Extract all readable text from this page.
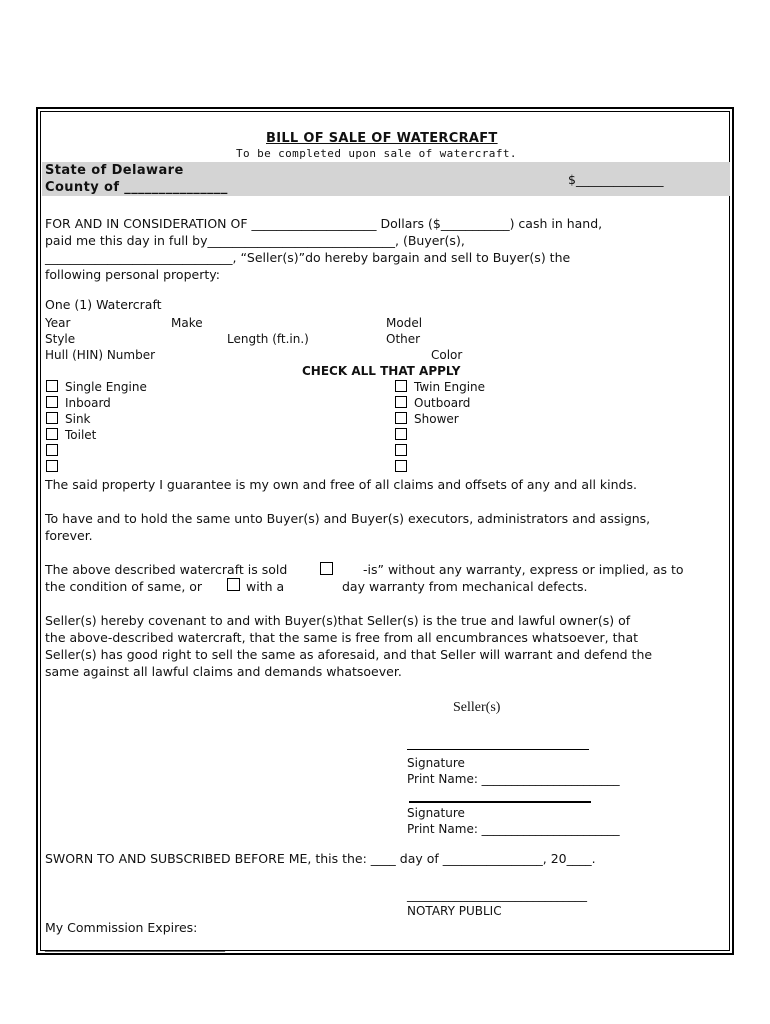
BILL OF SALE OF WATERCRAFT
To be completed upon sale of watercraft.
State of Delaware
County of _______________
$______________
FOR AND IN CONSIDERATION OF ____________________ Dollars ($___________) cash in hand,
paid me this day in full by______________________________, (Buyer(s),
______________________________, “Seller(s)”do hereby bargain and sell to Buyer(s) the
following personal property:
One (1) Watercraft
Year	Make	Model
Style	Length (ft.in.)	Other
Hull (HIN) Number	Color
CHECK ALL THAT APPLY
Single Engine
Inboard
Sink
Toilet
Twin Engine
Outboard
Shower
The said property I guarantee is my own and free of all claims and offsets of any and all kinds.
To have and to hold the same unto Buyer(s) and Buyer(s) executors, administrators and assigns,
forever.
The above described watercraft is sold	-is” without any warranty, express or implied, as to
the condition of same, or	with a	day warranty from mechanical defects.
Seller(s) hereby covenant to and with Buyer(s)that Seller(s) is the true and lawful owner(s) of
the above-described watercraft, that the same is free from all encumbrances whatsoever, that
Seller(s) has good right to sell the same as aforesaid, and that Seller will warrant and defend the
same against all lawful claims and demands whatsoever.
Seller(s)
Signature
Print Name: _______________________
Signature
Print Name: _______________________
SWORN TO AND SUBSCRIBED BEFORE ME, this the: ____ day of ________________, 20____.
______________________________
NOTARY PUBLIC
My Commission Expires:
______________________________
